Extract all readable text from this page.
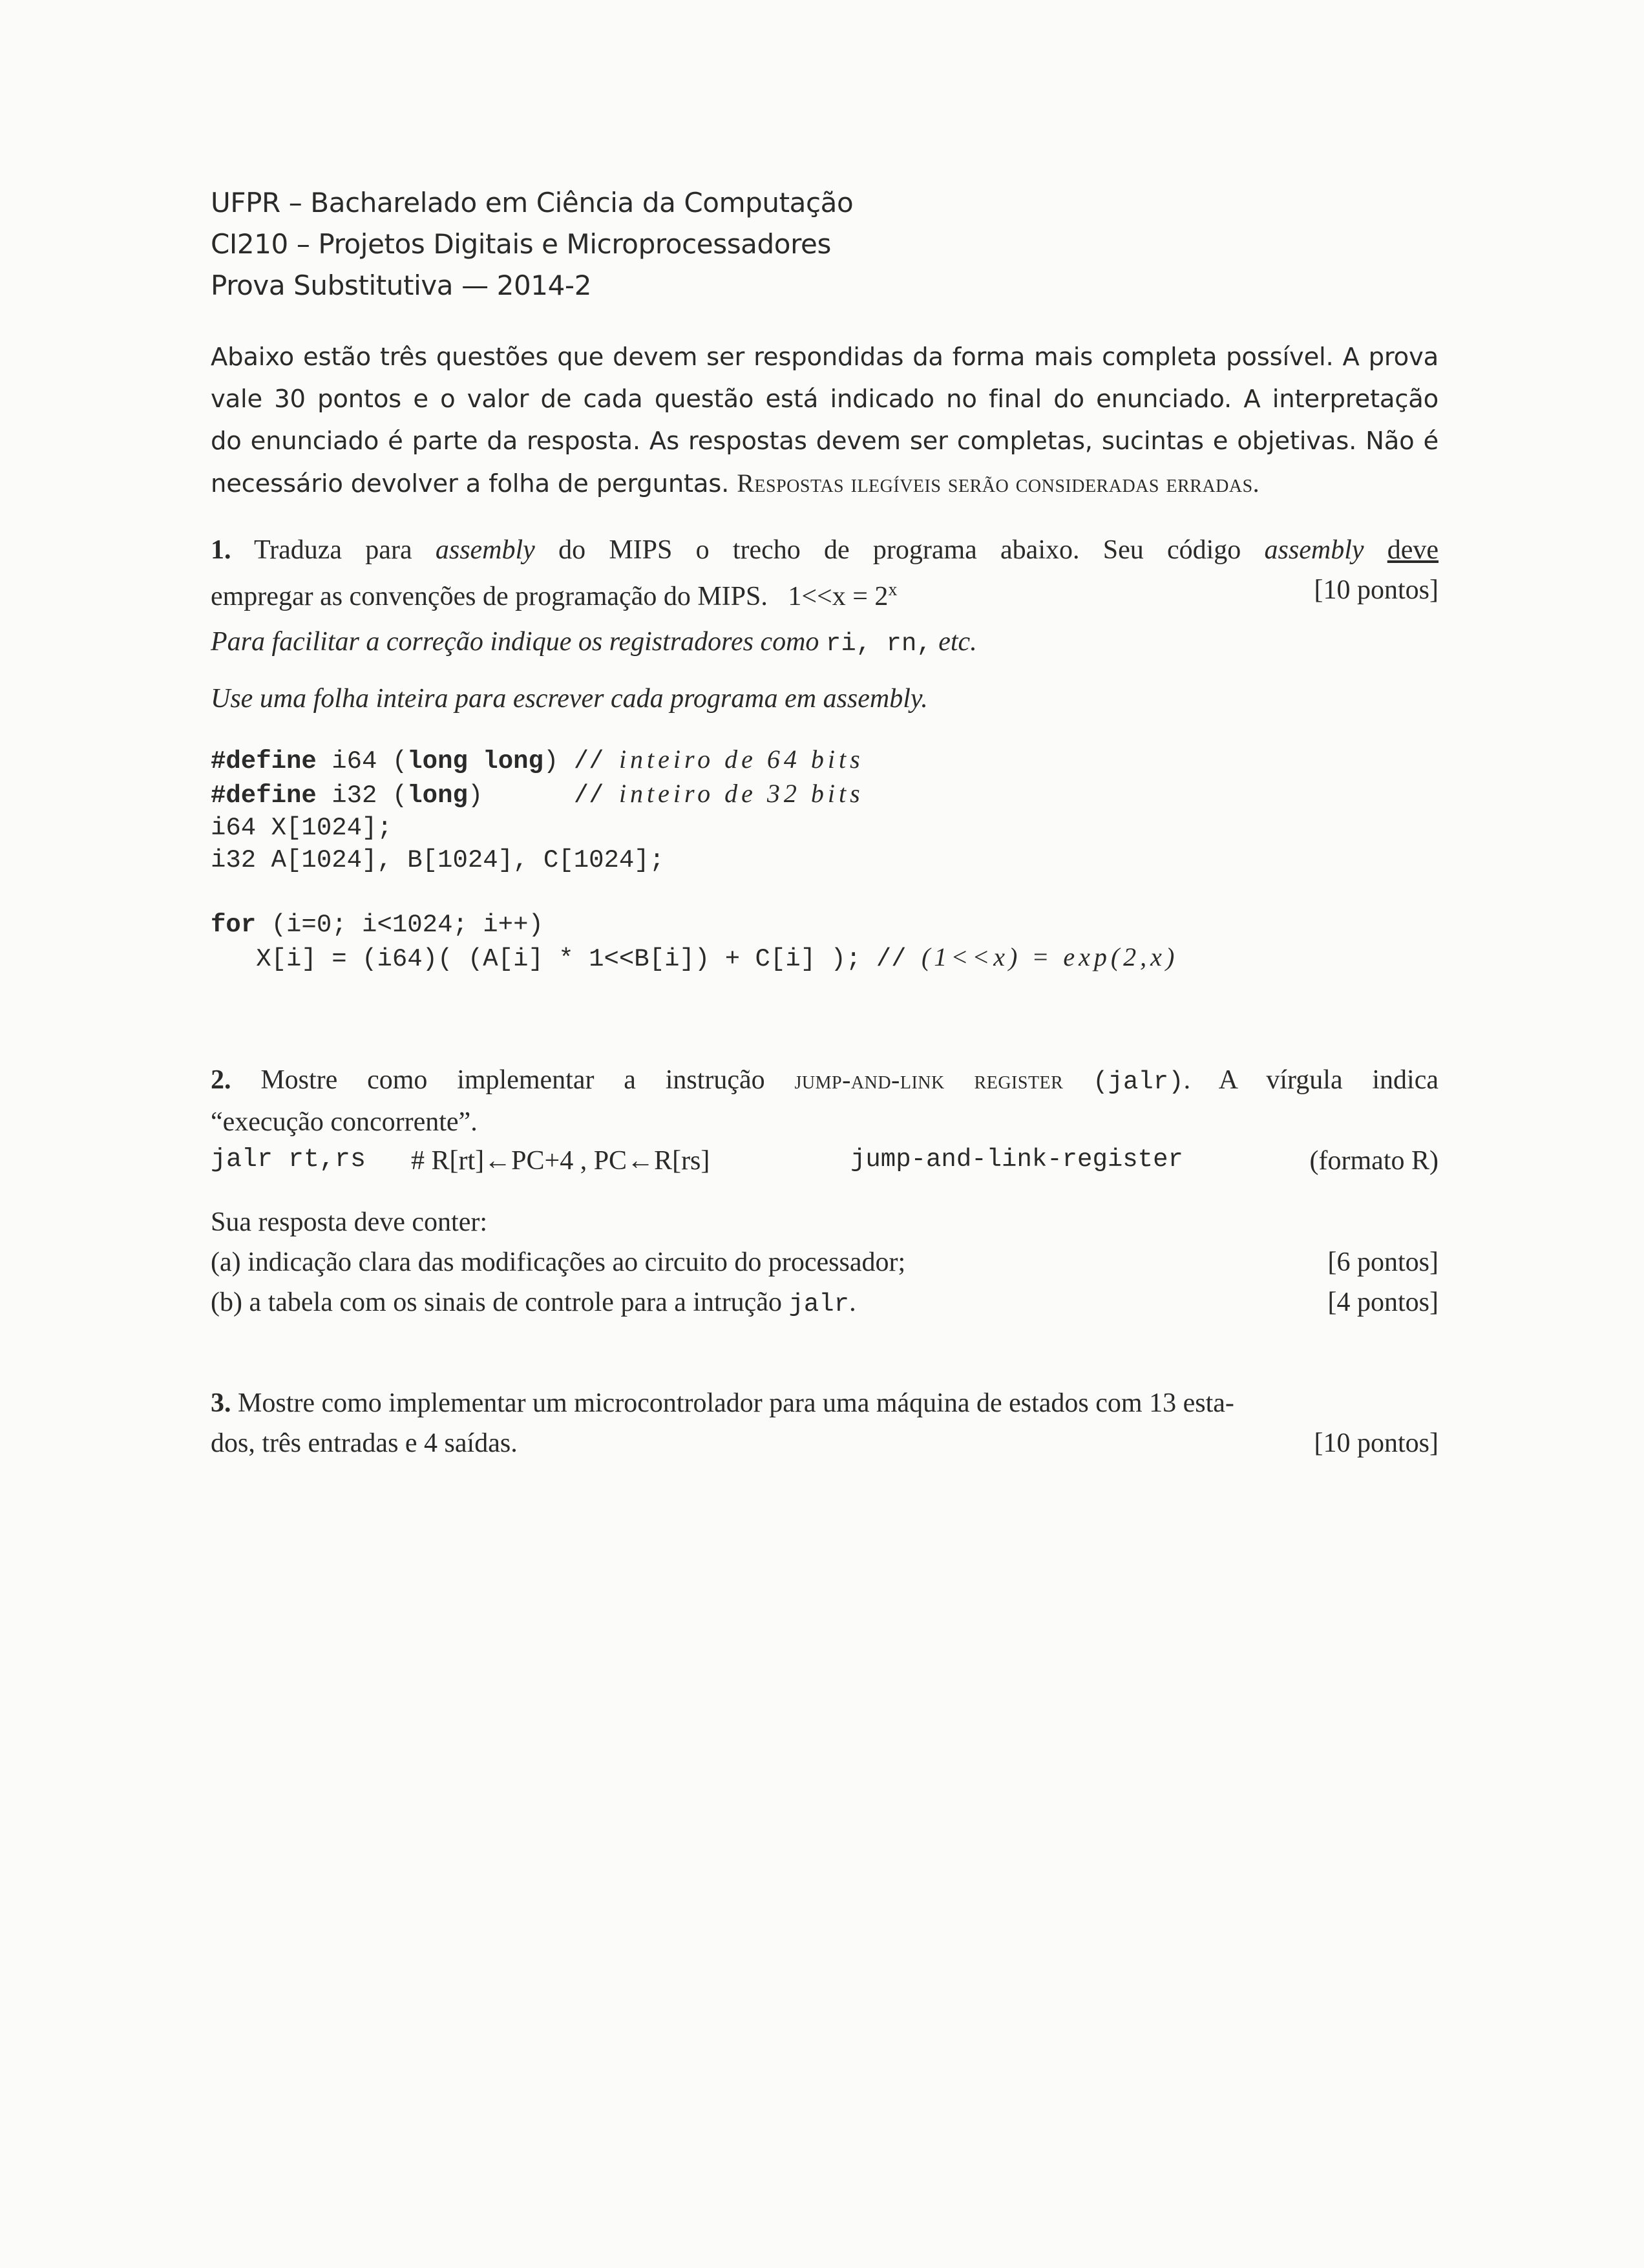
UFPR – Bacharelado em Ciência da Computação
CI210 – Projetos Digitais e Microprocessadores
Prova Substitutiva — 2014-2
Abaixo estão três questões que devem ser respondidas da forma mais completa possível. A prova
vale 30 pontos e o valor de cada questão está indicado no final do enunciado. A interpretação
do enunciado é parte da resposta. As respostas devem ser completas, sucintas e objetivas. Não é
necessário devolver a folha de perguntas. Respostas ilegíveis serão consideradas erradas.
1. Traduza para assembly do MIPS o trecho de programa abaixo. Seu código assembly deve
empregar as convenções de programação do MIPS. $1<<x = 2^x$	[10 pontos]
Para facilitar a correção indique os registradores como ri, rn, etc.
Use uma folha inteira para escrever cada programa em assembly.
#define i64 (long long) // inteiro de 64 bits
#define i32 (long)      // inteiro de 32 bits
i64 X[1024];
i32 A[1024], B[1024], C[1024];
for (i=0; i<1024; i++)
X[i] = (i64)( (A[i] * 1<<B[i]) + C[i] ); // (1<<x) = exp(2,x)
2. Mostre como implementar a instrução jump-and-link register (jalr). A vírgula indica
“execução concorrente”.
jalr rt,rs # R[rt]←PC+4 , PC←R[rs]	jump-and-link-register	(formato R)
Sua resposta deve conter:
(a) indicação clara das modificações ao circuito do processador;	[6 pontos]
(b) a tabela com os sinais de controle para a intrução jalr.	[4 pontos]
3. Mostre como implementar um microcontrolador para uma máquina de estados com 13 esta-
dos, três entradas e 4 saídas.	[10 pontos]
